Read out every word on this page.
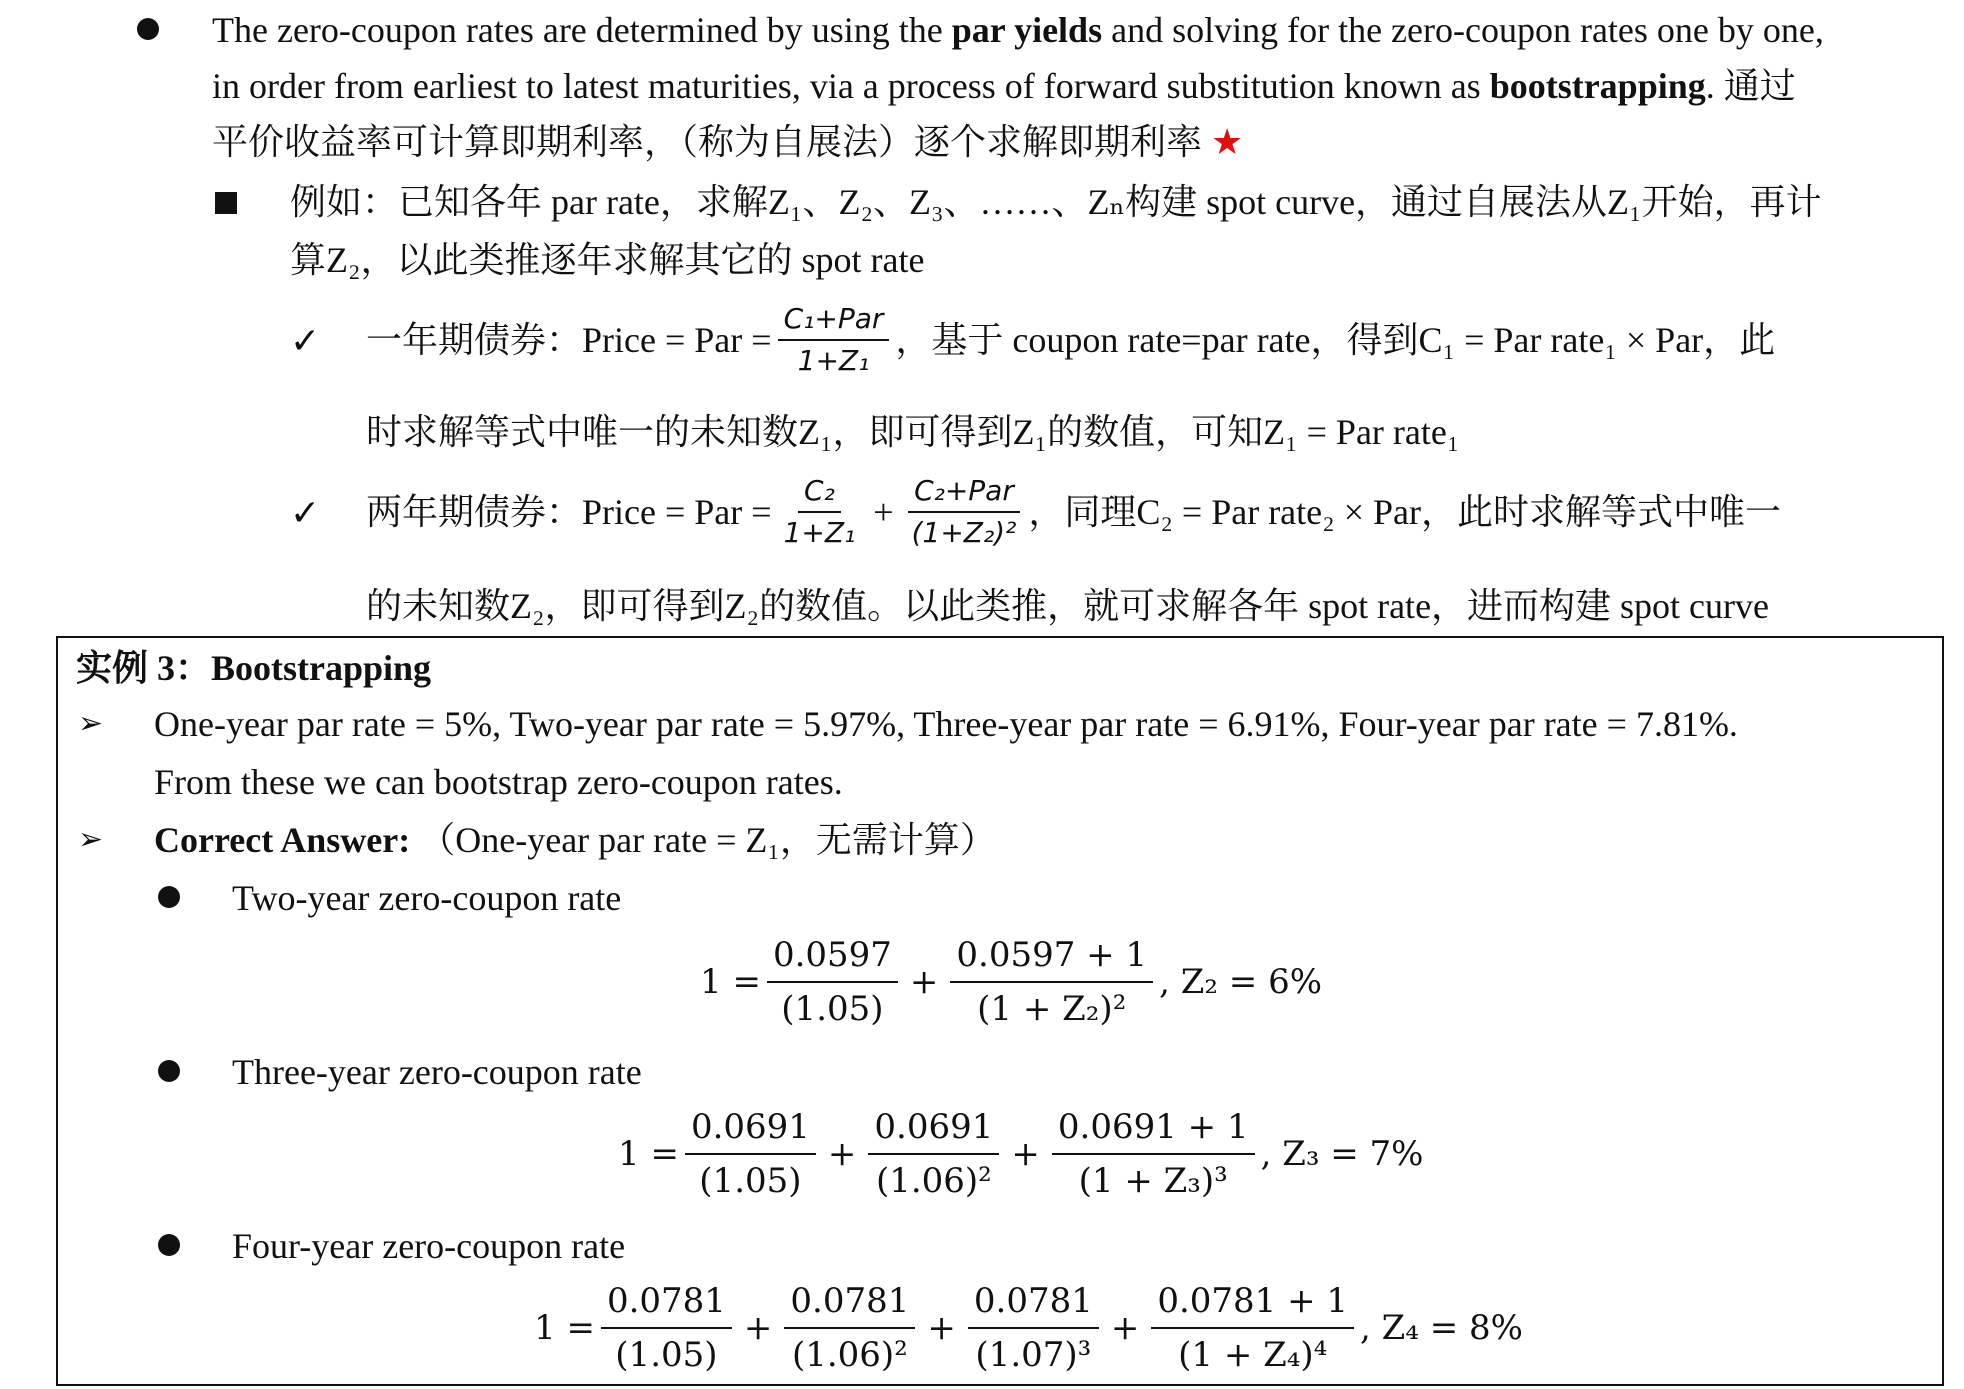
The zero-coupon rates are determined by using the par yields and solving for the zero-coupon rates one by one,
in order from earliest to latest maturities, via a process of forward substitution known as bootstrapping. 通过
平价收益率可计算即期利率，（称为自展法）逐个求解即期利率 ★
例如：已知各年 par rate，求解Z₁、Z₂、Z₃、……、Zₙ构建 spot curve，通过自展法从Z₁开始，再计
算Z₂，以此类推逐年求解其它的 spot rate
✓ 一年期债券：Price = Par = $\frac{\text{C₁+Par}}{\text{1+Z₁}}$ ，基于 coupon rate=par rate，得到C₁ = Par rate₁ × Par，此
时求解等式中唯一的未知数Z₁，即可得到Z₁的数值，可知Z₁ = Par rate₁
✓ 两年期债券：Price = Par = $\frac{\text{C₂}}{\text{1+Z₁}} + \frac{\text{C₂+Par}}{\text{(1+Z₂)²}}$ ，同理C₂ = Par rate₂ × Par，此时求解等式中唯一
的未知数Z₂，即可得到Z₂的数值。以此类推，就可求解各年 spot rate，进而构建 spot curve
实例 3：Bootstrapping
➢ One-year par rate = 5%, Two-year par rate = 5.97%, Three-year par rate = 6.91%, Four-year par rate = 7.81%.
From these we can bootstrap zero-coupon rates.
➢ Correct Answer: （One-year par rate = Z₁，无需计算）
Two-year zero-coupon rate
$1 = \frac{0.0597}{(1.05)} + \frac{0.0597 + 1}{\text{(1 + Z₂)²}}$ , Z₂ = 6%
Three-year zero-coupon rate
$1 = \frac{0.0691}{(1.05)} + \frac{0.0691}{\text{(1.06)²}} + \frac{0.0691 + 1}{\text{(1 + Z₃)³}}$ , Z₃ = 7%
Four-year zero-coupon rate
$1 = \frac{0.0781}{(1.05)} + \frac{0.0781}{\text{(1.06)²}} + \frac{0.0781}{\text{(1.07)³}} + \frac{0.0781 + 1}{\text{(1 + Z₄)⁴}}$ , Z₄ = 8%
